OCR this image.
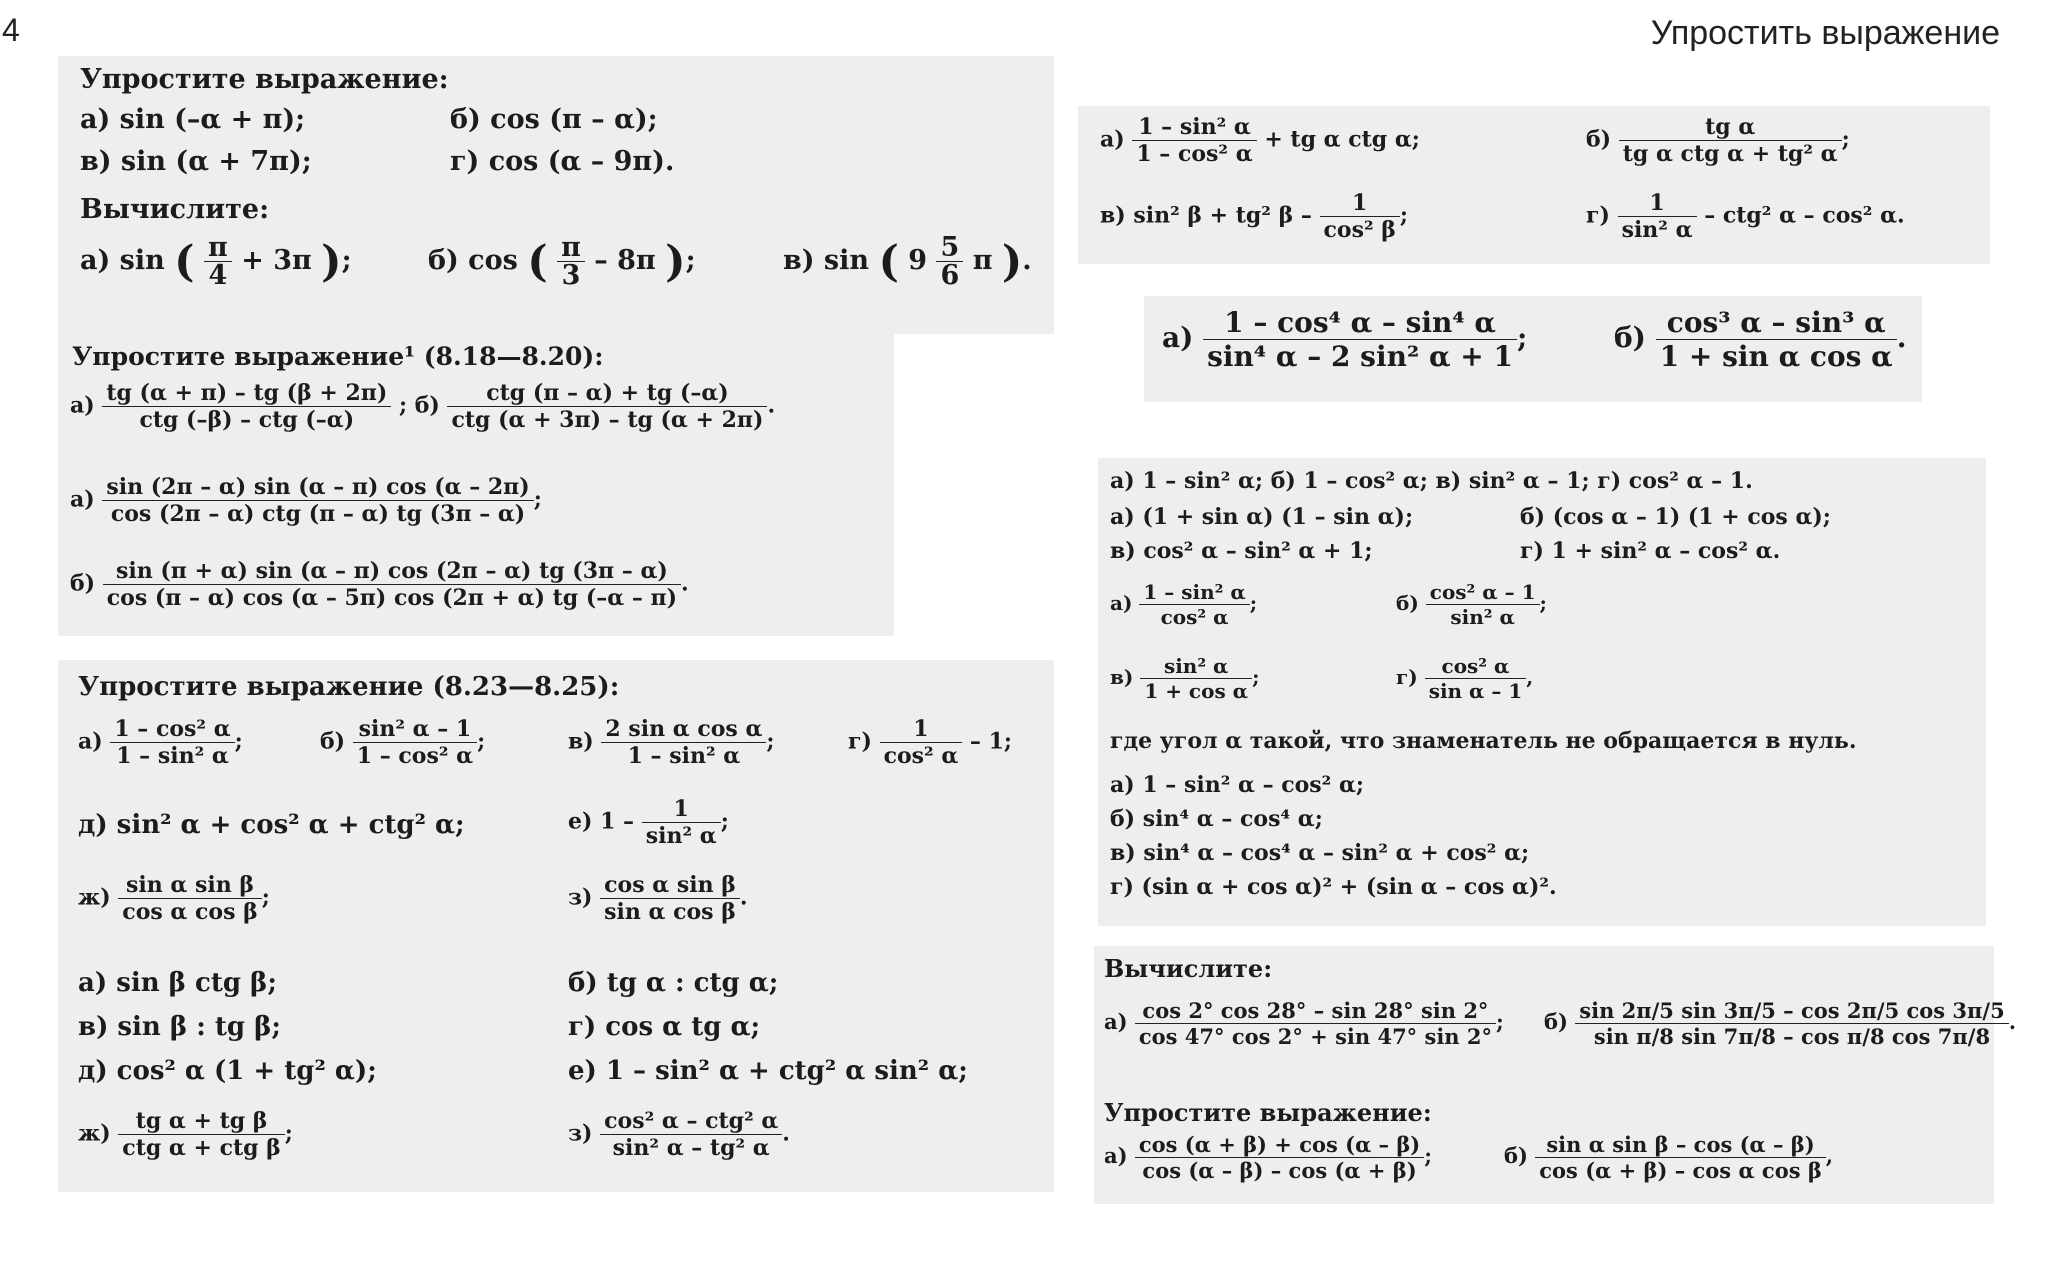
4	Упростить выражение
Упростите выражение:
а) sin (–α + π);	б) cos (π – α);
в) sin (α + 7π);	г) cos (α – 9π).
Вычислите:
а) sin ( $\frac{\pi}{4} + 3\pi$ );	б) cos ( $\frac{\pi}{3} - 8\pi$ );	в) sin ( $9 \frac{5}{6}$ π ).
Упростите выражение¹ (8.18—8.20):
$а) \frac{tg (\alpha + \pi) - tg (\beta + 2\pi)}{\text{ctg (–β) – ctg (–α)}}$ ; $б) \frac{\text{ctg (π – α) + tg (–α)}}{\text{ctg (α + 3π) – tg (α + 2π)}}$ .
$а) \frac{\sin (2\pi - \alpha) \sin (\alpha - \pi) \cos (\alpha - 2\pi)}{\text{cos (2π – α) ctg (π – α) tg (3π – α)}}$ ;
$б) \frac{\sin (\pi + \alpha) \sin (\alpha - \pi) \cos (2\pi - \alpha) tg (3\pi - \alpha)}{\cos (\pi - \alpha) \cos (\alpha - 5\pi) \cos (2\pi + \alpha) tg (-\alpha - \pi)}$ .
Упростите выражение (8.23—8.25):
$а) \frac{\text{1 – cos² α}}{\text{1 – sin² α}}$ ;	$б) \frac{\text{sin² α – 1}}{\text{1 – cos² α}}$ ;	$в) \frac{\text{2 sin α cos α}}{\text{1 – sin² α}}$ ;	$г) \frac{1}{\text{cos² α}} - 1$;
д) sin² α + cos² α + ctg² α;	е) $1 - \frac{1}{\text{sin² α}}$ ;
$ж) \frac{\text{sin α sin β}}{\text{cos α cos β}}$ ;	$з) \frac{\text{cos α sin β}}{\text{sin α cos β}}$ .
а) sin β ctg β;	б) tg α : ctg α;
в) sin β : tg β;	г) cos α tg α;
д) cos² α (1 + tg² α);	е) 1 – sin² α + ctg² α sin² α;
$ж) \frac{\text{tg α + tg β}}{\text{ctg α + ctg β}}$ ;	$з) \frac{\text{cos² α – ctg² α}}{\text{sin² α – tg² α}}$ .
$а) \frac{\text{1 – sin² α}}{\text{1 – cos² α}}$ + tg α ctg α;	$б) \frac{\text{tg α}}{\text{tg α ctg α + tg² α}}$ ;
в) sin² β + tg² β – $\frac{1}{\text{cos² β}}$ ;	$г) \frac{1}{\text{sin² α}} - ctg^2$ α – cos² α.
$а) \frac{\text{1 – cos⁴ α – sin⁴ α}}{\text{sin⁴ α – 2 sin² α + 1}}$ ;	$б) \frac{\text{cos³ α – sin³ α}}{\text{1 + sin α cos α}}$ .
а) 1 – sin² α; б) 1 – cos² α; в) sin² α – 1; г) cos² α – 1.
а) (1 + sin α) (1 – sin α);	б) (cos α – 1) (1 + cos α);
в) cos² α – sin² α + 1;	г) 1 + sin² α – cos² α.
$а) \frac{\text{1 – sin² α}}{\text{cos² α}}$ ;	$б) \frac{\text{cos² α – 1}}{\text{sin² α}}$ ;
$в) \frac{\text{sin² α}}{\text{1 + cos α}}$ ;	$г) \frac{\text{cos² α}}{\text{sin α – 1}}$ ,
где угол α такой, что знаменатель не обращается в нуль.
а) 1 – sin² α – cos² α;
б) sin⁴ α – cos⁴ α;
в) sin⁴ α – cos⁴ α – sin² α + cos² α;
г) (sin α + cos α)² + (sin α – cos α)².
Вычислите:
$а) \frac{\cos 2^\circ \cos 28^\circ - \sin 28^\circ \sin 2^\circ}{\cos 47^\circ \cos 2^\circ + \sin 47^\circ \sin 2^\circ}$ ; $б) \frac{\sin 2\pi/5 \sin 3\pi/5 - \cos 2\pi/5 \cos 3\pi/5}{\text{sin π/8 sin 7π/8 – cos π/8 cos 7π/8}}$ .
Упростите выражение:
$а) \frac{\cos (\alpha + \beta) + \cos (\alpha - \beta)}{\cos (\alpha - \beta) - \cos (\alpha + \beta)}$ ;	$б) \frac{\text{sin α sin β – cos (α – β)}}{\text{cos (α + β) – cos α cos β}}$ ,
